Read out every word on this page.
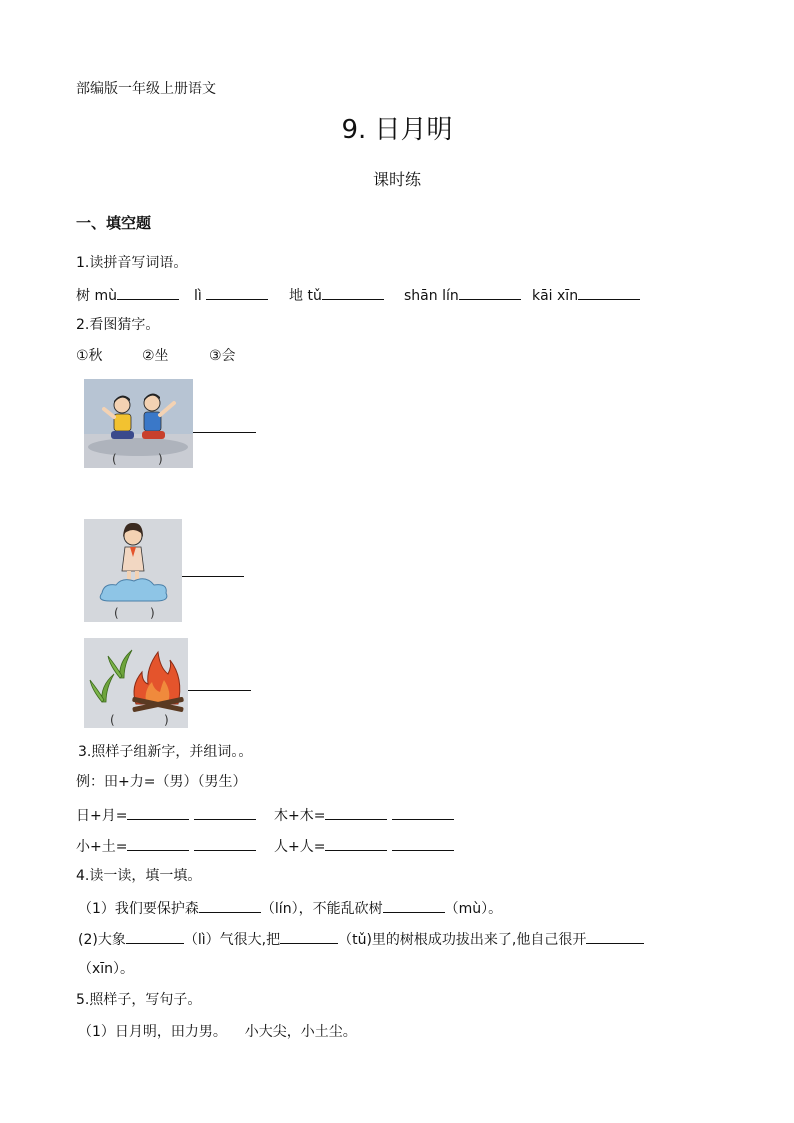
部编版一年级上册语文
9. 日月明
课时练
一、填空题
1.读拼音写词语。
树 mù	lì	地 tǔ	shān lín	kāi xīn
2.看图猜字。
①秋	②坐	③会
(	)
(	)
(	)
3.照样子组新字，并组词。。
例：田+力=（男）（男生）
日+月=	木+木=
小+土=	人+人=
4.读一读，填一填。
（1）我们要保护森	（lín），不能乱砍树	（mù）。
(2)大象	（lì）气很大,把	（tǔ)里的树根成功拔出来了,他自己很开
（xīn）。
5.照样子，写句子。
（1）日月明，田力男。    小大尖，小土尘。
